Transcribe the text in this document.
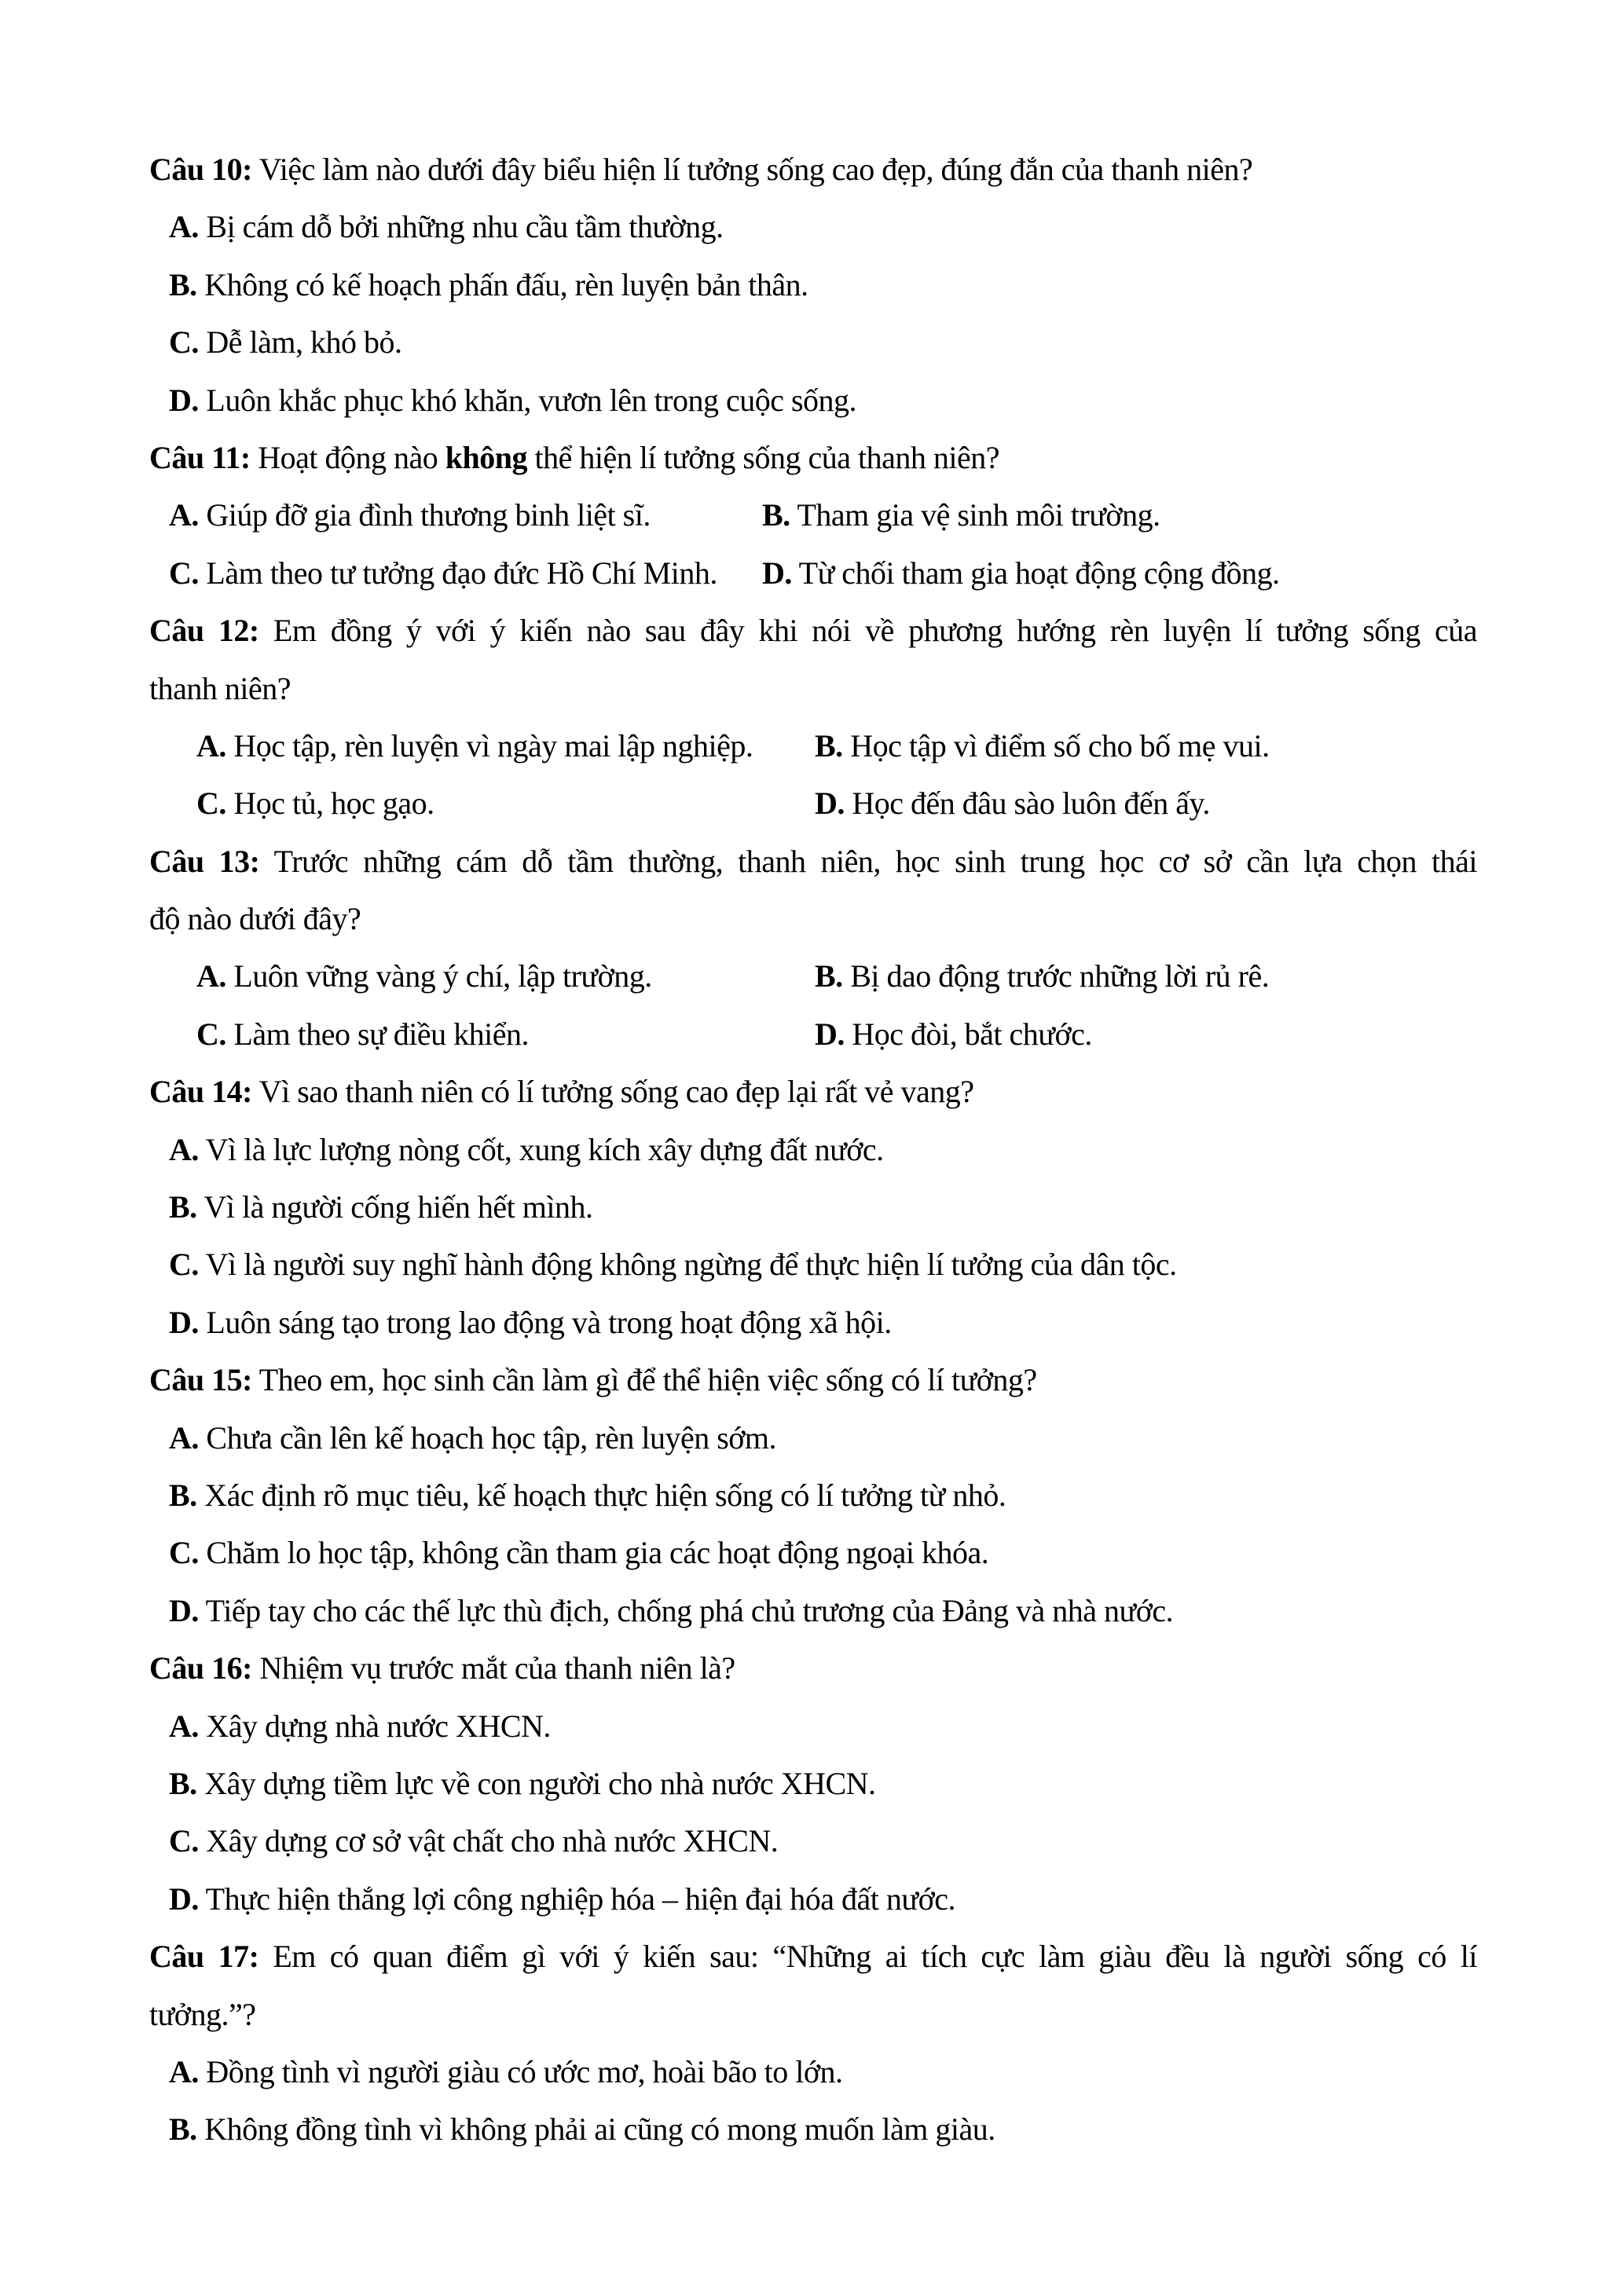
Câu 10: Việc làm nào dưới đây biểu hiện lí tưởng sống cao đẹp, đúng đắn của thanh niên?
A. Bị cám dỗ bởi những nhu cầu tầm thường.
B. Không có kế hoạch phấn đấu, rèn luyện bản thân.
C. Dễ làm, khó bỏ.
D. Luôn khắc phục khó khăn, vươn lên trong cuộc sống.
Câu 11: Hoạt động nào không thể hiện lí tưởng sống của thanh niên?
A. Giúp đỡ gia đình thương binh liệt sĩ.	B. Tham gia vệ sinh môi trường.
C. Làm theo tư tưởng đạo đức Hồ Chí Minh.	D. Từ chối tham gia hoạt động cộng đồng.
Câu 12: Em đồng ý với ý kiến nào sau đây khi nói về phương hướng rèn luyện lí tưởng sống của
thanh niên?
A. Học tập, rèn luyện vì ngày mai lập nghiệp.	B. Học tập vì điểm số cho bố mẹ vui.
C. Học tủ, học gạo.	D. Học đến đâu sào luôn đến ấy.
Câu 13: Trước những cám dỗ tầm thường, thanh niên, học sinh trung học cơ sở cần lựa chọn thái
độ nào dưới đây?
A. Luôn vững vàng ý chí, lập trường.	B. Bị dao động trước những lời rủ rê.
C. Làm theo sự điều khiển.	D. Học đòi, bắt chước.
Câu 14: Vì sao thanh niên có lí tưởng sống cao đẹp lại rất vẻ vang?
A. Vì là lực lượng nòng cốt, xung kích xây dựng đất nước.
B. Vì là người cống hiến hết mình.
C. Vì là người suy nghĩ hành động không ngừng để thực hiện lí tưởng của dân tộc.
D. Luôn sáng tạo trong lao động và trong hoạt động xã hội.
Câu 15: Theo em, học sinh cần làm gì để thể hiện việc sống có lí tưởng?
A. Chưa cần lên kế hoạch học tập, rèn luyện sớm.
B. Xác định rõ mục tiêu, kế hoạch thực hiện sống có lí tưởng từ nhỏ.
C. Chăm lo học tập, không cần tham gia các hoạt động ngoại khóa.
D. Tiếp tay cho các thế lực thù địch, chống phá chủ trương của Đảng và nhà nước.
Câu 16: Nhiệm vụ trước mắt của thanh niên là?
A. Xây dựng nhà nước XHCN.
B. Xây dựng tiềm lực về con người cho nhà nước XHCN.
C. Xây dựng cơ sở vật chất cho nhà nước XHCN.
D. Thực hiện thắng lợi công nghiệp hóa – hiện đại hóa đất nước.
Câu 17: Em có quan điểm gì với ý kiến sau: “Những ai tích cực làm giàu đều là người sống có lí
tưởng.”?
A. Đồng tình vì người giàu có ước mơ, hoài bão to lớn.
B. Không đồng tình vì không phải ai cũng có mong muốn làm giàu.
